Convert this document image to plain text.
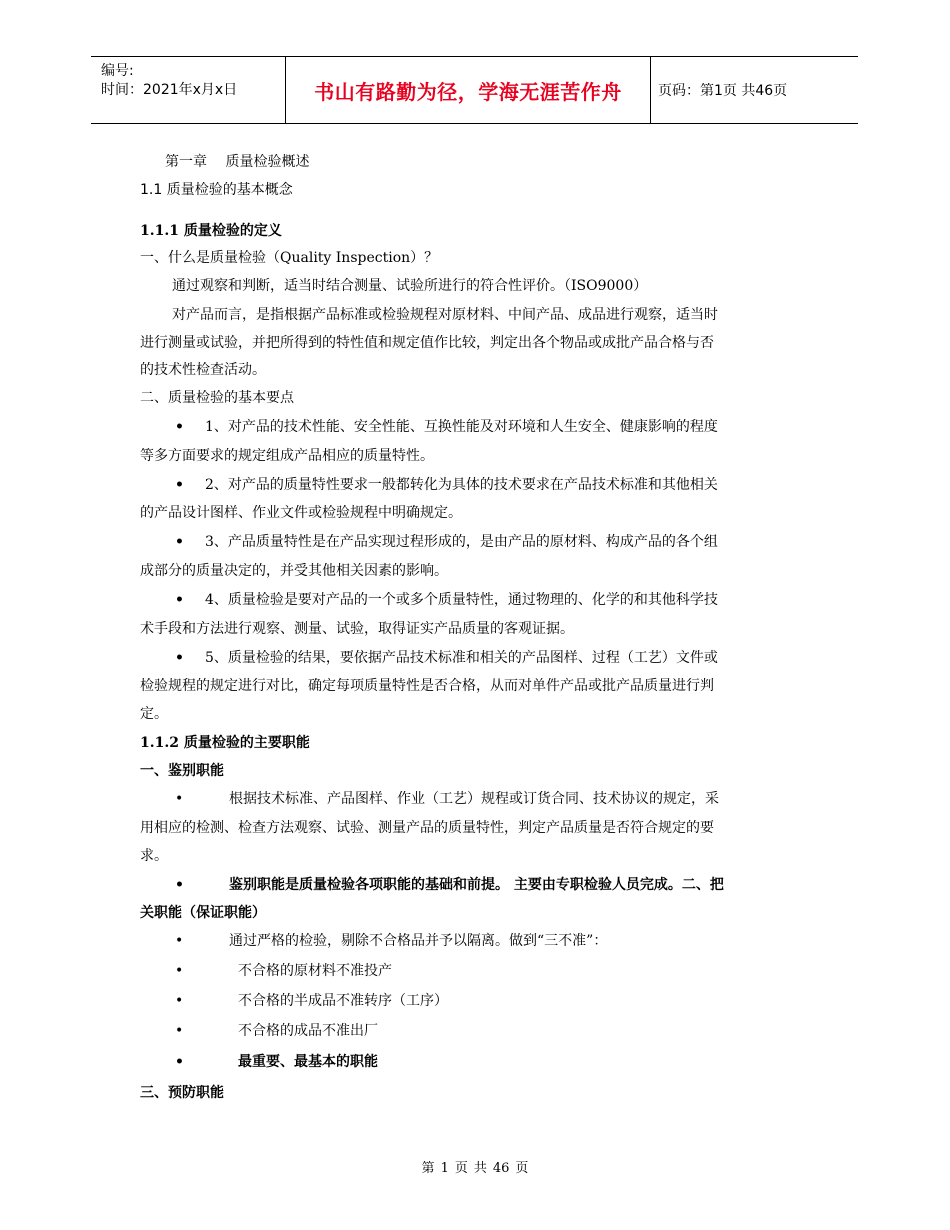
编号:
时间：2021年x月x日	书山有路勤为径，学海无涯苦作舟	页码：第1页 共46页
第一章　 质量检验概述
1.1 质量检验的基本概念
1.1.1 质量检验的定义
一、什么是质量检验（Quality Inspection）？
通过观察和判断，适当时结合测量、试验所进行的符合性评价。（ISO9000）
对产品而言，是指根据产品标准或检验规程对原材料、中间产品、成品进行观察，适当时
进行测量或试验，并把所得到的特性值和规定值作比较，判定出各个物品或成批产品合格与否
的技术性检查活动。
二、质量检验的基本要点
• 1、对产品的技术性能、安全性能、互换性能及对环境和人生安全、健康影响的程度
等多方面要求的规定组成产品相应的质量特性。
• 2、对产品的质量特性要求一般都转化为具体的技术要求在产品技术标准和其他相关
的产品设计图样、作业文件或检验规程中明确规定。
• 3、产品质量特性是在产品实现过程形成的，是由产品的原材料、构成产品的各个组
成部分的质量决定的，并受其他相关因素的影响。
• 4、质量检验是要对产品的一个或多个质量特性，通过物理的、化学的和其他科学技
术手段和方法进行观察、测量、试验，取得证实产品质量的客观证据。
• 5、质量检验的结果，要依据产品技术标准和相关的产品图样、过程（工艺）文件或
检验规程的规定进行对比，确定每项质量特性是否合格，从而对单件产品或批产品质量进行判
定。
1.1.2 质量检验的主要职能
一、鉴别职能
•	根据技术标准、产品图样、作业（工艺）规程或订货合同、技术协议的规定，采
用相应的检测、检查方法观察、试验、测量产品的质量特性，判定产品质量是否符合规定的要
求。
•	鉴别职能是质量检验各项职能的基础和前提。 主要由专职检验人员完成。二、把
关职能（保证职能）
•	通过严格的检验，剔除不合格品并予以隔离。做到“三不准”：
•	不合格的原材料不准投产
•	不合格的半成品不准转序（工序）
•	不合格的成品不准出厂
•	最重要、最基本的职能
三、预防职能
第 1 页 共 46 页
